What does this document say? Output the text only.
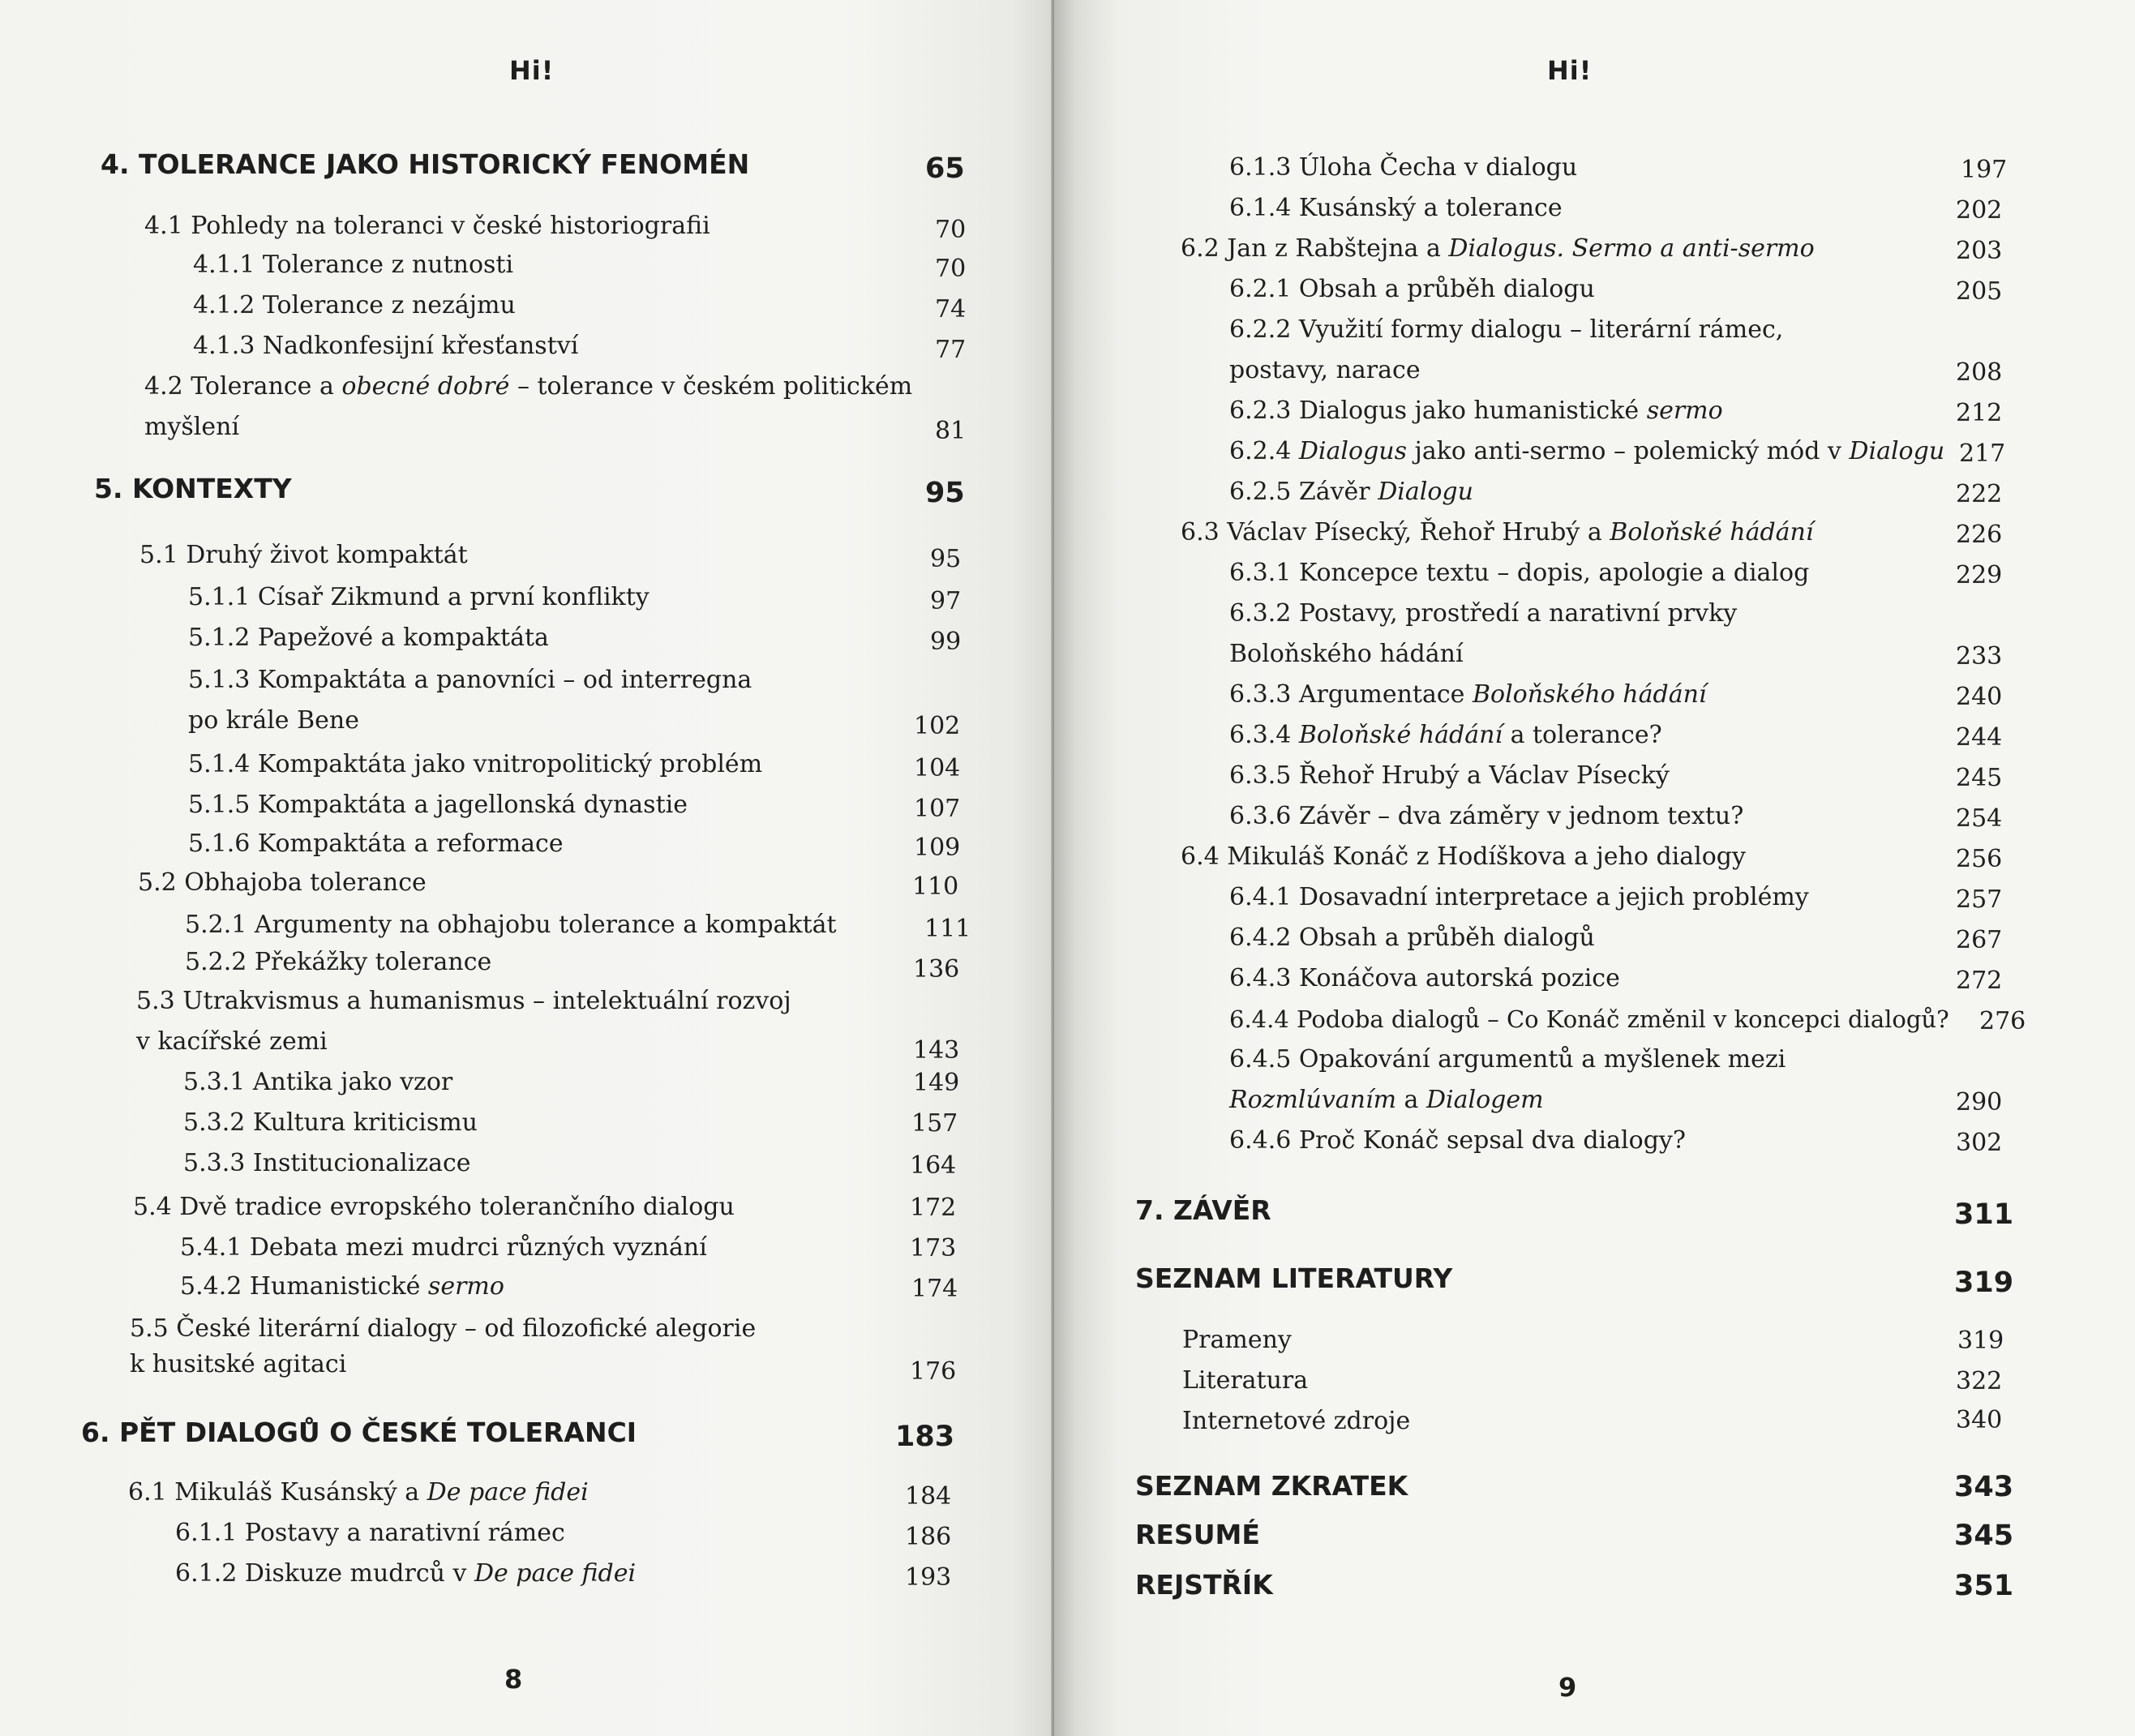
Hi!
4. TOLERANCE JAKO HISTORICKÝ FENOMÉN	65
4.1 Pohledy na toleranci v české historiografii	70
4.1.1 Tolerance z nutnosti	70
4.1.2 Tolerance z nezájmu	74
4.1.3 Nadkonfesijní křesťanství	77
4.2 Tolerance a obecné dobré – tolerance v českém politickém
myšlení	81
5. KONTEXTY	95
5.1 Druhý život kompaktát	95
5.1.1 Císař Zikmund a první konflikty	97
5.1.2 Papežové a kompaktáta	99
5.1.3 Kompaktáta a panovníci – od interregna
po krále Bene	102
5.1.4 Kompaktáta jako vnitropolitický problém	104
5.1.5 Kompaktáta a jagellonská dynastie	107
5.1.6 Kompaktáta a reformace	109
5.2 Obhajoba tolerance	110
5.2.1 Argumenty na obhajobu tolerance a kompaktát	111
5.2.2 Překážky tolerance	136
5.3 Utrakvismus a humanismus – intelektuální rozvoj
v kacířské zemi	143
5.3.1 Antika jako vzor	149
5.3.2 Kultura kriticismu	157
5.3.3 Institucionalizace	164
5.4 Dvě tradice evropského tolerančního dialogu	172
5.4.1 Debata mezi mudrci různých vyznání	173
5.4.2 Humanistické sermo	174
5.5 České literární dialogy – od filozofické alegorie
k husitské agitaci	176
6. PĚT DIALOGŮ O ČESKÉ TOLERANCI	183
6.1 Mikuláš Kusánský a De pace fidei	184
6.1.1 Postavy a narativní rámec	186
6.1.2 Diskuze mudrců v De pace fidei	193
8
Hi!
6.1.3 Úloha Čecha v dialogu	197
6.1.4 Kusánský a tolerance	202
6.2 Jan z Rabštejna a Dialogus. Sermo a anti-sermo	203
6.2.1 Obsah a průběh dialogu	205
6.2.2 Využití formy dialogu – literární rámec,
postavy, narace	208
6.2.3 Dialogus jako humanistické sermo	212
6.2.4 Dialogus jako anti-sermo – polemický mód v Dialogu 217
6.2.5 Závěr Dialogu	222
6.3 Václav Písecký, Řehoř Hrubý a Boloňské hádání	226
6.3.1 Koncepce textu – dopis, apologie a dialog	229
6.3.2 Postavy, prostředí a narativní prvky
Boloňského hádání	233
6.3.3 Argumentace Boloňského hádání	240
6.3.4 Boloňské hádání a tolerance?	244
6.3.5 Řehoř Hrubý a Václav Písecký	245
6.3.6 Závěr – dva záměry v jednom textu?	254
6.4 Mikuláš Konáč z Hodíškova a jeho dialogy	256
6.4.1 Dosavadní interpretace a jejich problémy	257
6.4.2 Obsah a průběh dialogů	267
6.4.3 Konáčova autorská pozice	272
6.4.4 Podoba dialogů – Co Konáč změnil v koncepci dialogů? 276
6.4.5 Opakování argumentů a myšlenek mezi
Rozmlúvaním a Dialogem	290
6.4.6 Proč Konáč sepsal dva dialogy?	302
7. ZÁVĚR	311
SEZNAM LITERATURY	319
Prameny	319
Literatura	322
Internetové zdroje	340
SEZNAM ZKRATEK	343
RESUMÉ	345
REJSTŘÍK	351
9
